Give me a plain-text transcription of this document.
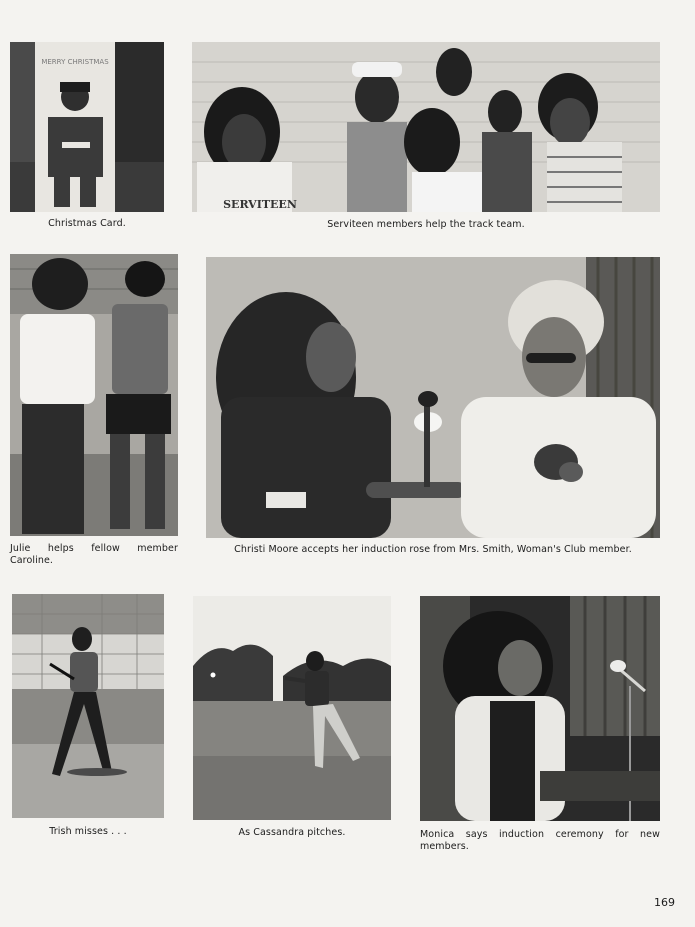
MERRY CHRISTMAS
Christmas Card.
SERVITEEN
Serviteen members help the track team.
Julie helps fellow member Caroline.
Christi Moore accepts her induction rose from Mrs. Smith, Woman's Club member.
Trish misses . . .	As Cassandra pitches.	Monica says induction ceremony for new members.
169
